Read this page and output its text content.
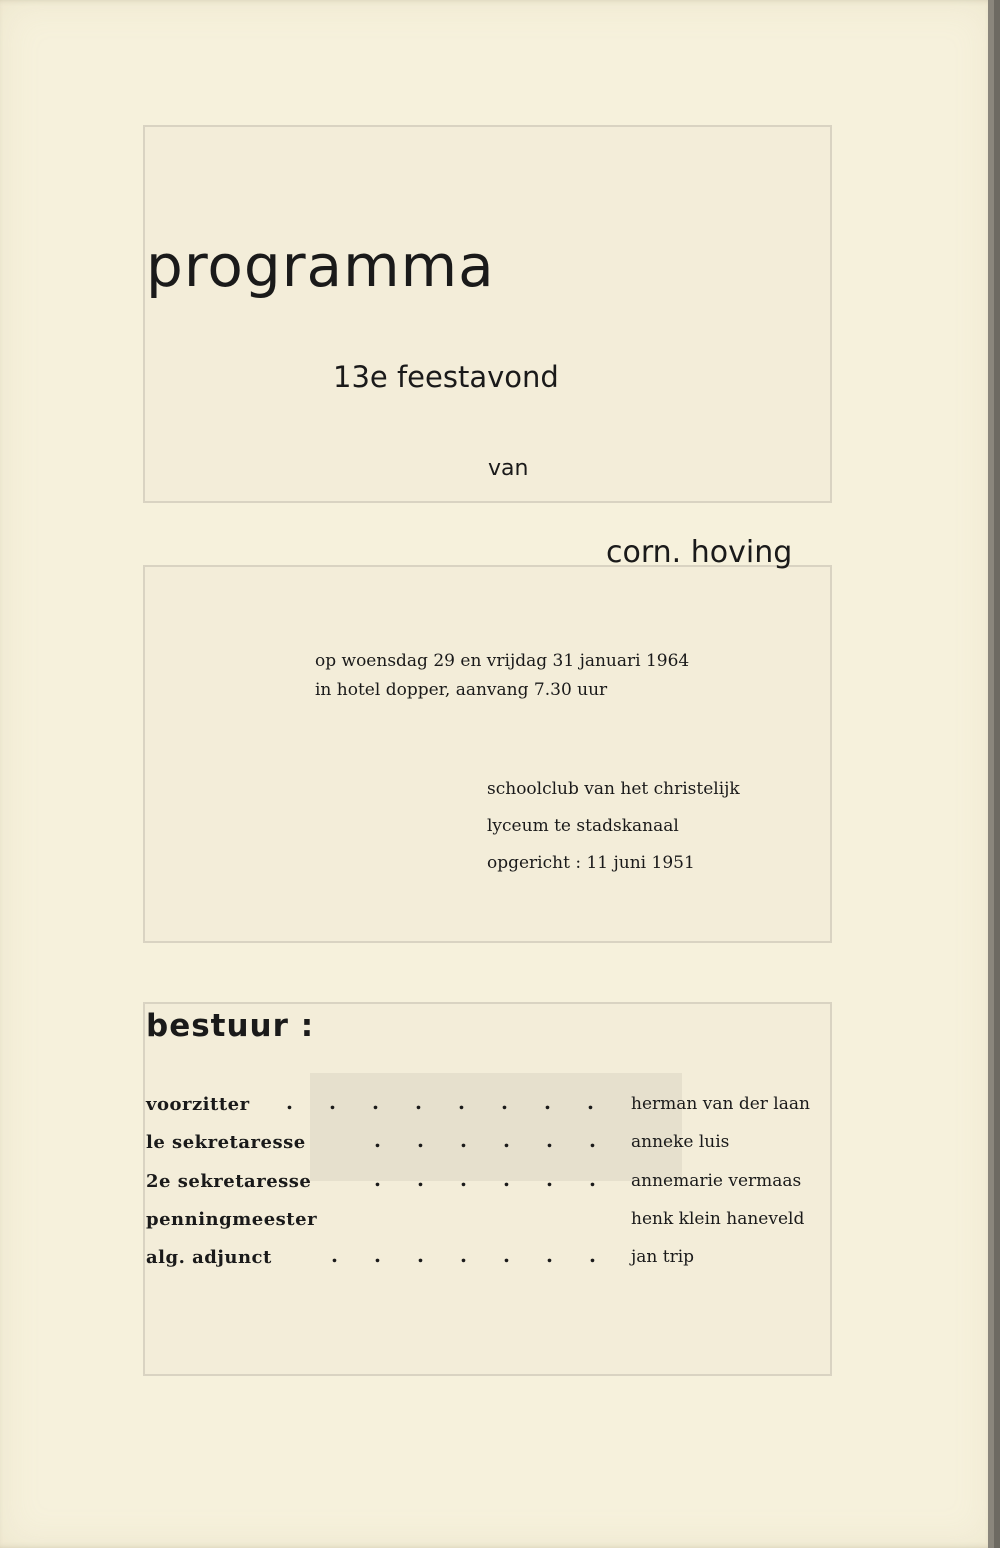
programma
13e feestavond
van
corn. hoving
op woensdag 29 en vrijdag 31 januari 1964
in hotel dopper, aanvang 7.30 uur
schoolclub van het christelijk
lyceum te stadskanaal
opgericht : 11 juni 1951
bestuur :
voorzitter . . . . . . . .	herman van der laan
le sekretaresse	. . . . . .	anneke luis
2e sekretaresse	. . . . . .	annemarie vermaas
penningmeester	henk klein haneveld
alg. adjunct	. . . . . . .	jan trip
